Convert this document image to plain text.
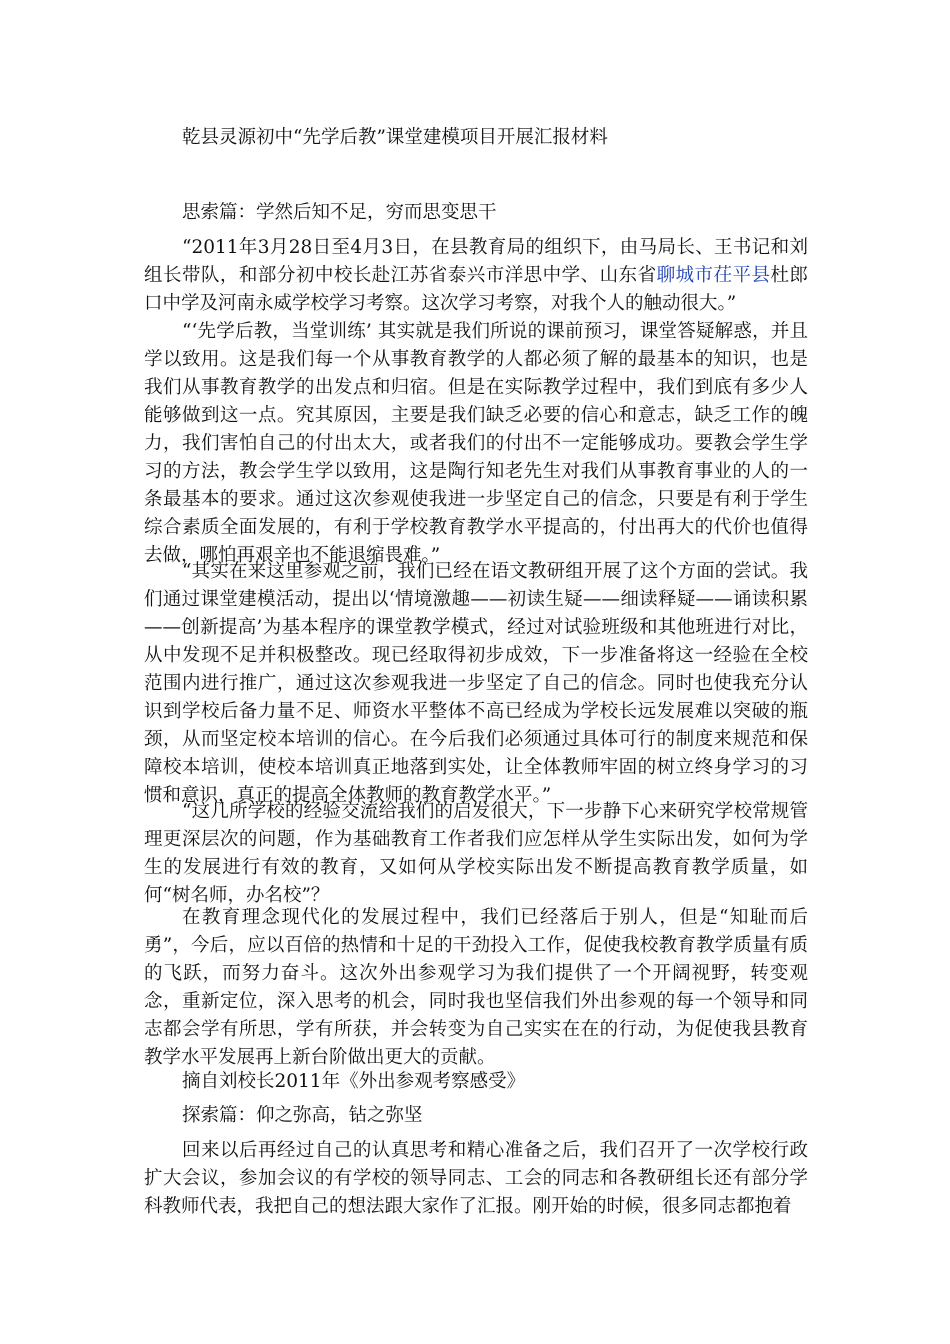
乾县灵源初中“先学后教”课堂建模项目开展汇报材料
思索篇：学然后知不足，穷而思变思干
“2011年3月28日至4月3日，在县教育局的组织下，由马局长、王书记和刘组长带队，和部分初中校长赴江苏省泰兴市洋思中学、山东省聊城市茌平县杜郎口中学及河南永威学校学习考察。这次学习考察，对我个人的触动很大。”
“‘先学后教，当堂训练’ 其实就是我们所说的课前预习，课堂答疑解惑，并且学以致用。这是我们每一个从事教育教学的人都必须了解的最基本的知识，也是我们从事教育教学的出发点和归宿。但是在实际教学过程中，我们到底有多少人能够做到这一点。究其原因，主要是我们缺乏必要的信心和意志，缺乏工作的魄力，我们害怕自己的付出太大，或者我们的付出不一定能够成功。要教会学生学习的方法，教会学生学以致用，这是陶行知老先生对我们从事教育事业的人的一条最基本的要求。通过这次参观使我进一步坚定自己的信念，只要是有利于学生综合素质全面发展的，有利于学校教育教学水平提高的，付出再大的代价也值得去做，哪怕再艰辛也不能退缩畏难。”
“其实在来这里参观之前，我们已经在语文教研组开展了这个方面的尝试。我们通过课堂建模活动，提出以‘情境激趣——初读生疑——细读释疑——诵读积累——创新提高’为基本程序的课堂教学模式，经过对试验班级和其他班进行对比，从中发现不足并积极整改。现已经取得初步成效，下一步准备将这一经验在全校范围内进行推广，通过这次参观我进一步坚定了自己的信念。同时也使我充分认识到学校后备力量不足、师资水平整体不高已经成为学校长远发展难以突破的瓶颈，从而坚定校本培训的信心。在今后我们必须通过具体可行的制度来规范和保障校本培训，使校本培训真正地落到实处，让全体教师牢固的树立终身学习的习惯和意识，真正的提高全体教师的教育教学水平。”
“这几所学校的经验交流给我们的启发很大，下一步静下心来研究学校常规管理更深层次的问题，作为基础教育工作者我们应怎样从学生实际出发，如何为学生的发展进行有效的教育，又如何从学校实际出发不断提高教育教学质量，如何“树名师，办名校”？
在教育理念现代化的发展过程中，我们已经落后于别人，但是“知耻而后勇”，今后，应以百倍的热情和十足的干劲投入工作，促使我校教育教学质量有质的飞跃，而努力奋斗。这次外出参观学习为我们提供了一个开阔视野，转变观念，重新定位，深入思考的机会，同时我也坚信我们外出参观的每一个领导和同志都会学有所思，学有所获，并会转变为自己实实在在的行动，为促使我县教育教学水平发展再上新台阶做出更大的贡献。
摘自刘校长2011年《外出参观考察感受》
探索篇：仰之弥高，钻之弥坚
回来以后再经过自己的认真思考和精心准备之后，我们召开了一次学校行政扩大会议，参加会议的有学校的领导同志、工会的同志和各教研组长还有部分学科教师代表，我把自己的想法跟大家作了汇报。刚开始的时候，很多同志都抱着
